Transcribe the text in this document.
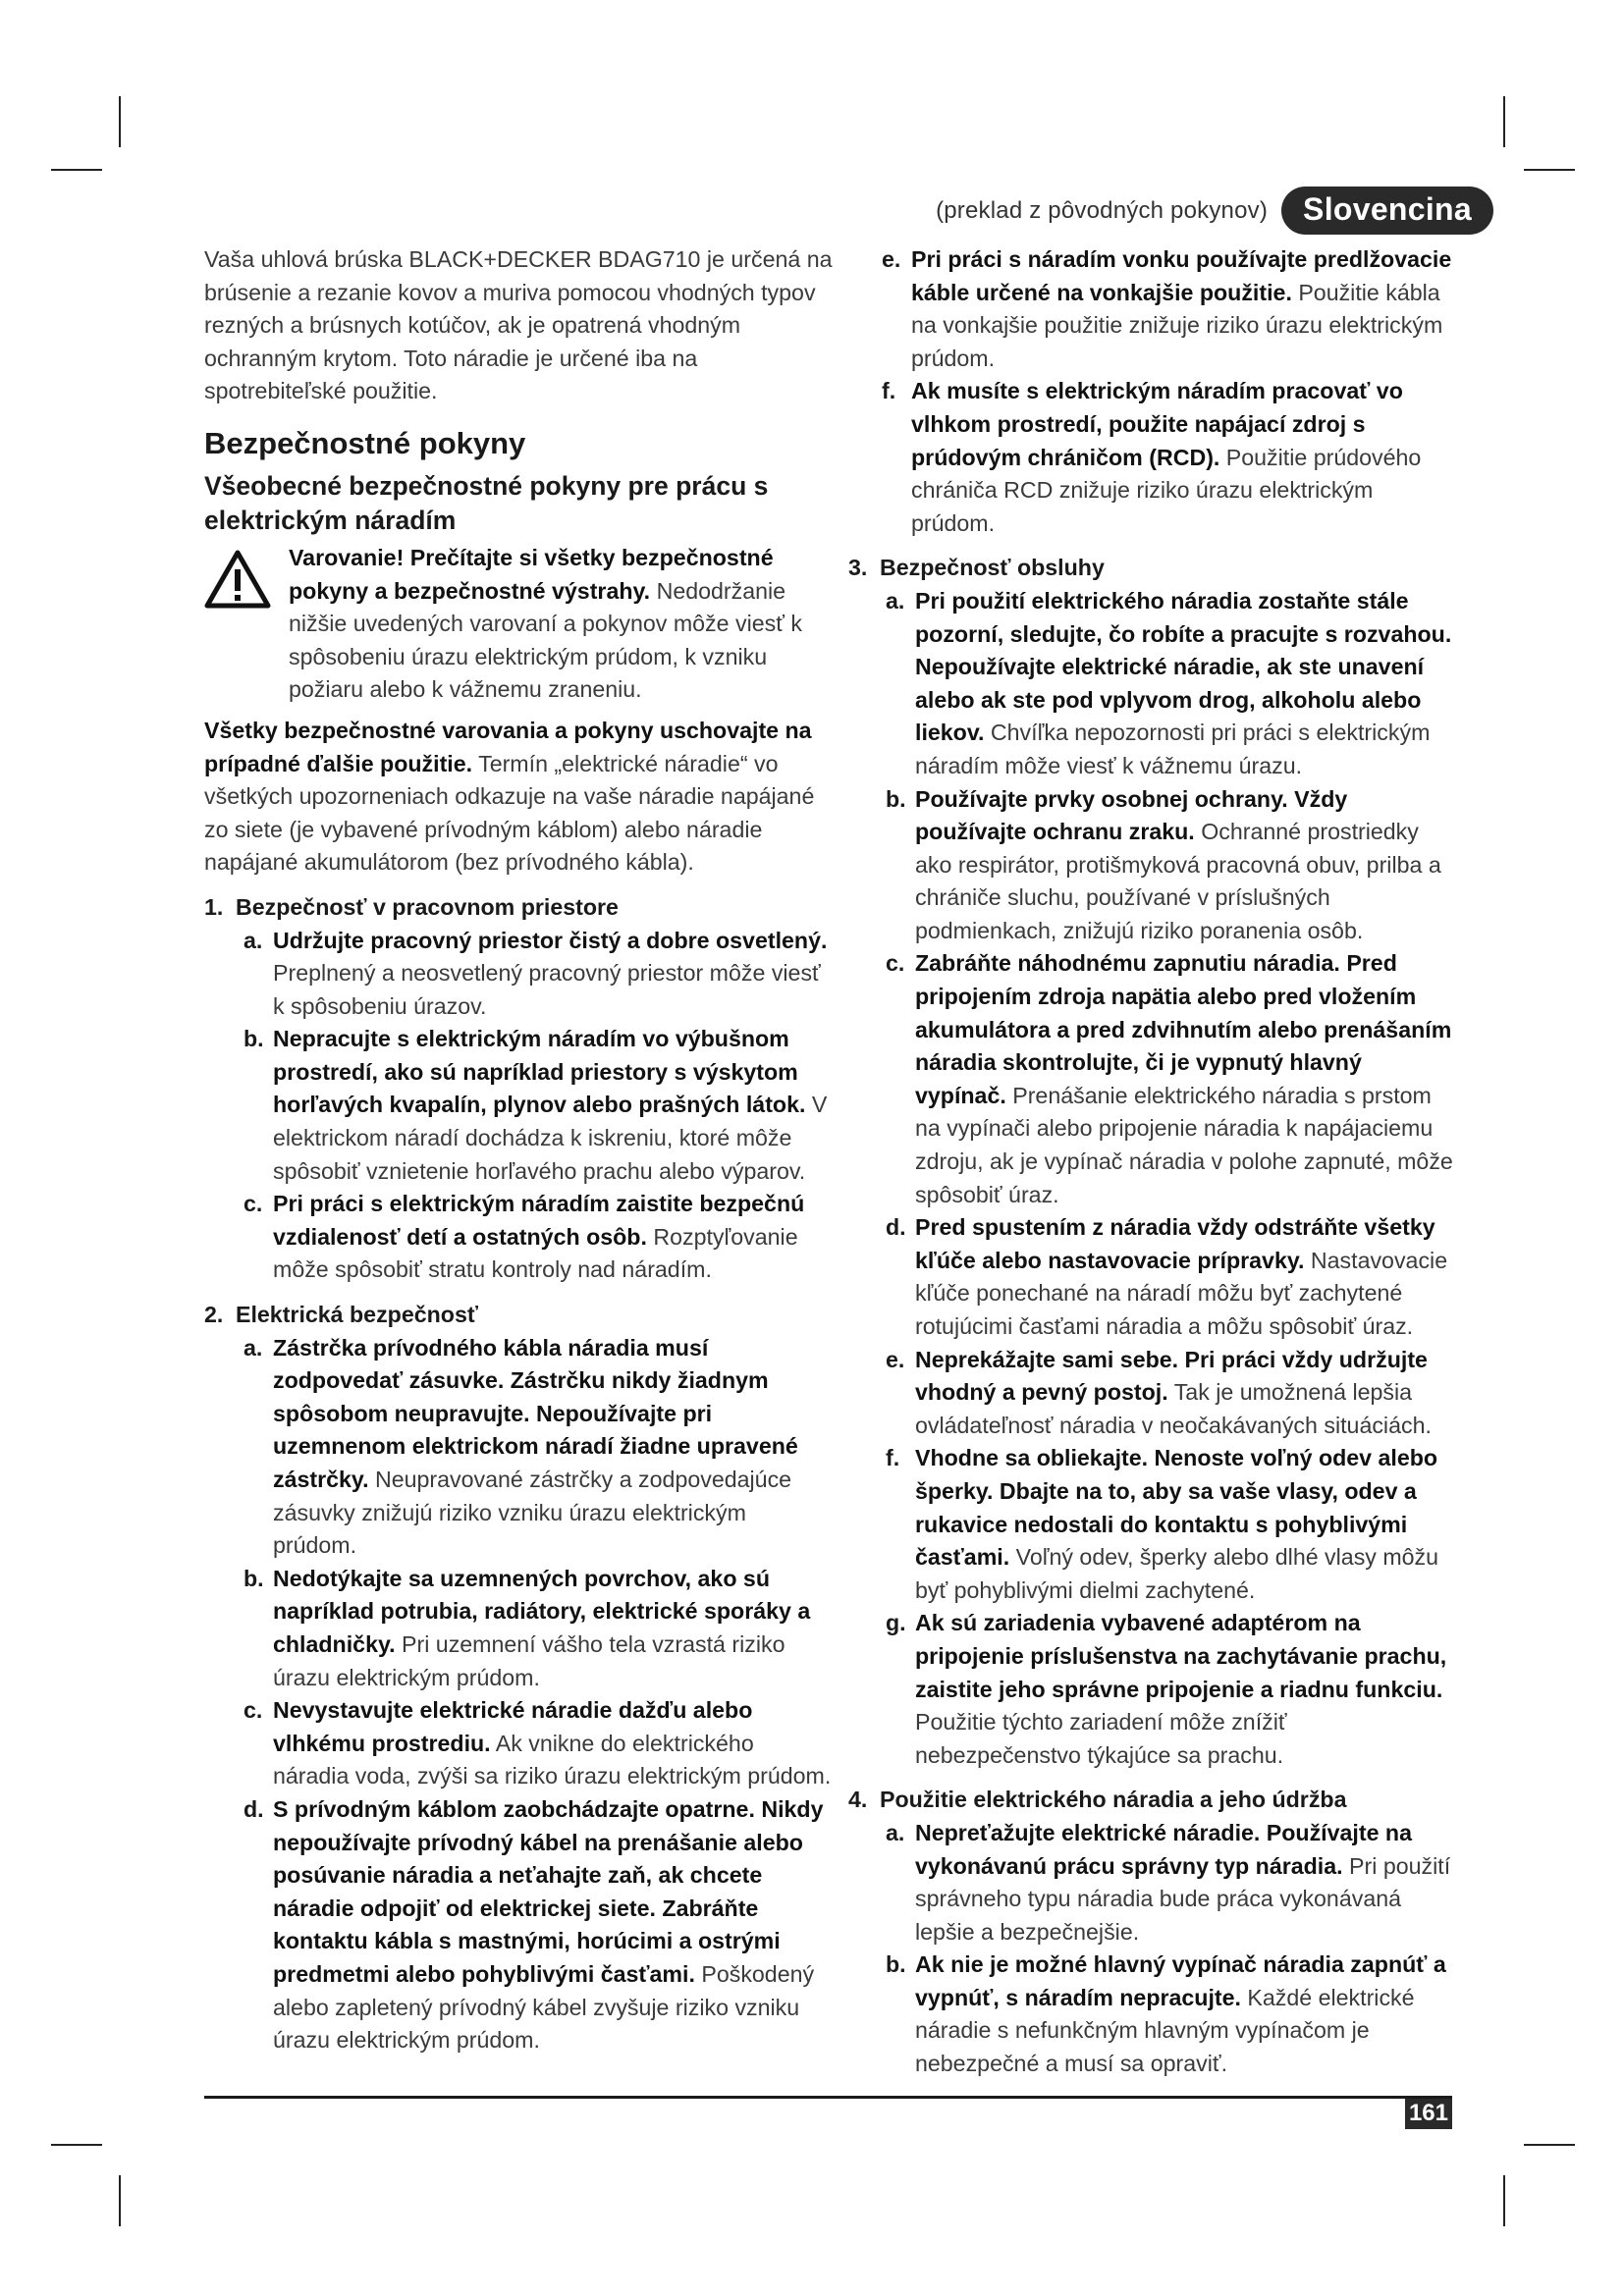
(preklad z pôvodných pokynov)	Slovencina

Vaša uhlová brúska BLACK+DECKER BDAG710 je určená na brúsenie a rezanie kovov a muriva pomocou vhodných typov rezných a brúsnych kotúčov, ak je opatrená vhodným ochranným krytom. Toto náradie je určené iba na spotrebiteľské použitie.

Bezpečnostné pokyny
Všeobecné bezpečnostné pokyny pre prácu s elektrickým náradím
Varovanie! Prečítajte si všetky bezpečnostné pokyny a bezpečnostné výstrahy. Nedodržanie nižšie uvedených varovaní a pokynov môže viesť k spôsobeniu úrazu elektrickým prúdom, k vzniku požiaru alebo k vážnemu zraneniu.

Všetky bezpečnostné varovania a pokyny uschovajte na prípadné ďalšie použitie. Termín „elektrické náradie“ vo všetkých upozorneniach odkazuje na vaše náradie napájané zo siete (je vybavené prívodným káblom) alebo náradie napájané akumulátorom (bez prívodného kábla).

1. Bezpečnosť v pracovnom priestore
a. Udržujte pracovný priestor čistý a dobre osvetlený. Preplnený a neosvetlený pracovný priestor môže viesť k spôsobeniu úrazov.
b. Nepracujte s elektrickým náradím vo výbušnom prostredí, ako sú napríklad priestory s výskytom horľavých kvapalín, plynov alebo prašných látok. V elektrickom náradí dochádza k iskreniu, ktoré môže spôsobiť vznietenie horľavého prachu alebo výparov.
c. Pri práci s elektrickým náradím zaistite bezpečnú vzdialenosť detí a ostatných osôb. Rozptyľovanie môže spôsobiť stratu kontroly nad náradím.
2. Elektrická bezpečnosť
a. Zástrčka prívodného kábla náradia musí zodpovedať zásuvke. Zástrčku nikdy žiadnym spôsobom neupravujte. Nepoužívajte pri uzemnenom elektrickom náradí žiadne upravené zástrčky. Neupravované zástrčky a zodpovedajúce zásuvky znižujú riziko vzniku úrazu elektrickým prúdom.
b. Nedotýkajte sa uzemnených povrchov, ako sú napríklad potrubia, radiátory, elektrické sporáky a chladničky. Pri uzemnení vášho tela vzrastá riziko úrazu elektrickým prúdom.
c. Nevystavujte elektrické náradie dažďu alebo vlhkému prostrediu. Ak vnikne do elektrického náradia voda, zvýši sa riziko úrazu elektrickým prúdom.
d. S prívodným káblom zaobchádzajte opatrne. Nikdy nepoužívajte prívodný kábel na prenášanie alebo posúvanie náradia a neťahajte zaň, ak chcete náradie odpojiť od elektrickej siete. Zabráňte kontaktu kábla s mastnými, horúcimi a ostrými predmetmi alebo pohyblivými časťami. Poškodený alebo zapletený prívodný kábel zvyšuje riziko vzniku úrazu elektrickým prúdom.
e. Pri práci s náradím vonku používajte predlžovacie káble určené na vonkajšie použitie. Použitie kábla na vonkajšie použitie znižuje riziko úrazu elektrickým prúdom.
f. Ak musíte s elektrickým náradím pracovať vo vlhkom prostredí, použite napájací zdroj s prúdovým chráničom (RCD). Použitie prúdového chrániča RCD znižuje riziko úrazu elektrickým prúdom.
3. Bezpečnosť obsluhy
a. Pri použití elektrického náradia zostaňte stále pozorní, sledujte, čo robíte a pracujte s rozvahou. Nepoužívajte elektrické náradie, ak ste unavení alebo ak ste pod vplyvom drog, alkoholu alebo liekov. Chvíľka nepozornosti pri práci s elektrickým náradím môže viesť k vážnemu úrazu.
b. Používajte prvky osobnej ochrany. Vždy používajte ochranu zraku. Ochranné prostriedky ako respirátor, protišmyková pracovná obuv, prilba a chrániče sluchu, používané v príslušných podmienkach, znižujú riziko poranenia osôb.
c. Zabráňte náhodnému zapnutiu náradia. Pred pripojením zdroja napätia alebo pred vložením akumulátora a pred zdvihnutím alebo prenášaním náradia skontrolujte, či je vypnutý hlavný vypínač. Prenášanie elektrického náradia s prstom na vypínači alebo pripojenie náradia k napájaciemu zdroju, ak je vypínač náradia v polohe zapnuté, môže spôsobiť úraz.
d. Pred spustením z náradia vždy odstráňte všetky kľúče alebo nastavovacie prípravky. Nastavovacie kľúče ponechané na náradí môžu byť zachytené rotujúcimi časťami náradia a môžu spôsobiť úraz.
e. Neprekážajte sami sebe. Pri práci vždy udržujte vhodný a pevný postoj. Tak je umožnená lepšia ovládateľnosť náradia v neočakávaných situáciách.
f. Vhodne sa obliekajte. Nenoste voľný odev alebo šperky. Dbajte na to, aby sa vaše vlasy, odev a rukavice nedostali do kontaktu s pohyblivými časťami. Voľný odev, šperky alebo dlhé vlasy môžu byť pohyblivými dielmi zachytené.
g. Ak sú zariadenia vybavené adaptérom na pripojenie príslušenstva na zachytávanie prachu, zaistite jeho správne pripojenie a riadnu funkciu. Použitie týchto zariadení môže znížiť nebezpečenstvo týkajúce sa prachu.
4. Použitie elektrického náradia a jeho údržba
a. Nepreťažujte elektrické náradie. Používajte na vykonávanú prácu správny typ náradia. Pri použití správneho typu náradia bude práca vykonávaná lepšie a bezpečnejšie.
b. Ak nie je možné hlavný vypínač náradia zapnúť a vypnúť, s náradím nepracujte. Každé elektrické náradie s nefunkčným hlavným vypínačom je nebezpečné a musí sa opraviť.
161
